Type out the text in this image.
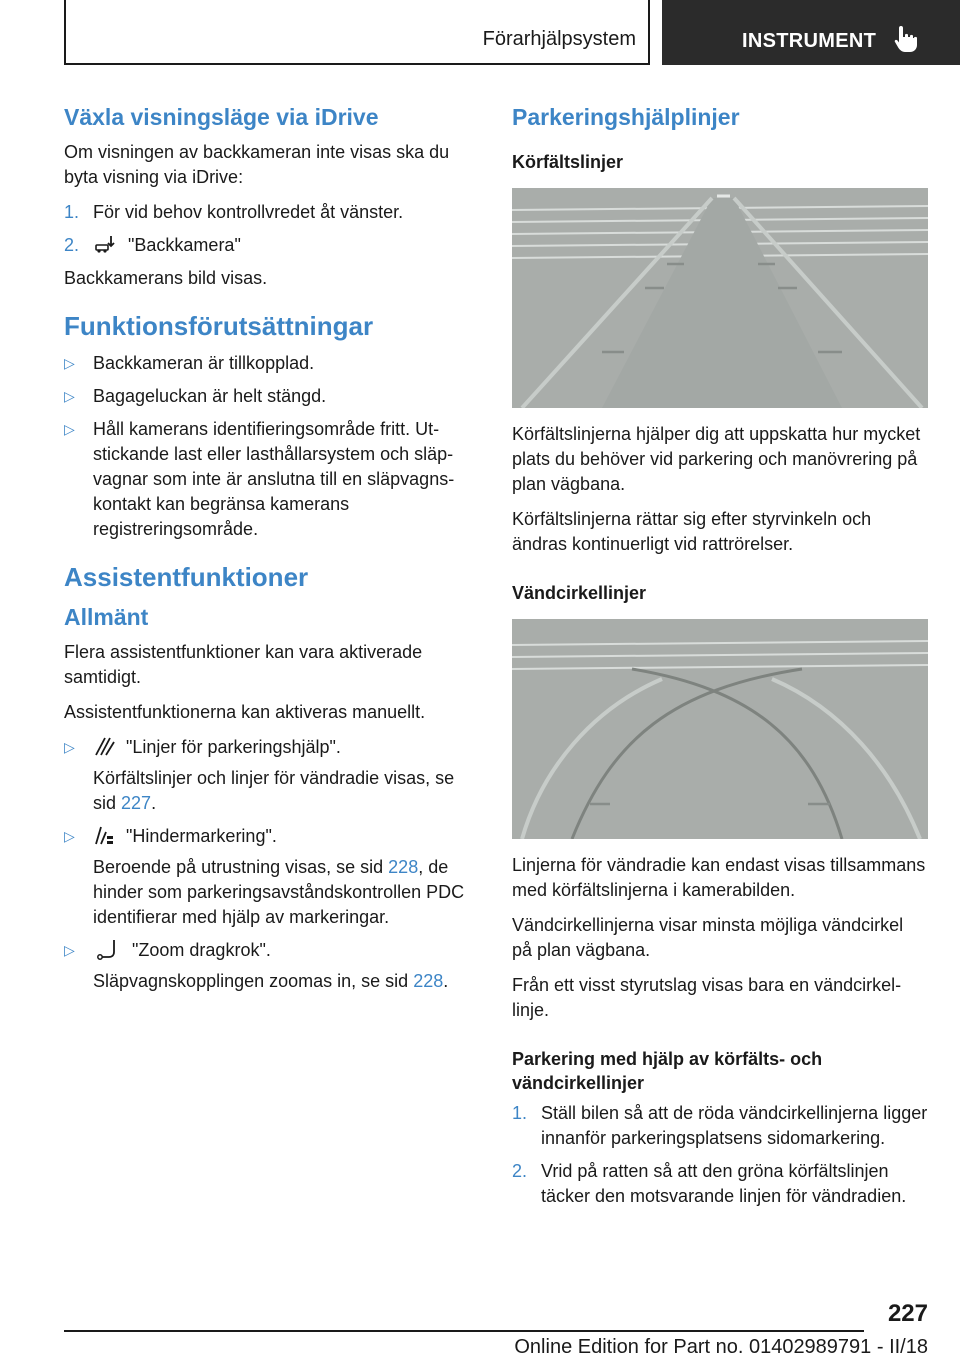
Förarhjälpsystem	INSTRUMENT
Växla visningsläge via iDrive

Om visningen av backkameran inte visas ska du byta visning via iDrive:

1. För vid behov kontrollvredet åt vänster.
2.	"Backkamera"

Backkamerans bild visas.

Funktionsförutsättningar
▷ Backkameran är tillkopplad.
▷ Bagageluckan är helt stängd.
▷ Håll kamerans identifieringsområde fritt. Utstickande last eller lasthållarsystem och släpvagnar som inte är anslutna till en släpvagnskontakt kan begränsa kamerans registreringsområde.
Assistentfunktioner
Allmänt

Flera assistentfunktioner kan vara aktiverade samtidigt.

Assistentfunktionerna kan aktiveras manuellt.

▷	"Linjer för parkeringshjälp".
Körfältslinjer och linjer för vändradie visas, se sid 227.
▷	"Hindermarkering".
Beroende på utrustning visas, se sid 228, de hinder som parkeringsavståndskontrollen PDC identifierar med hjälp av markeringar.
▷	"Zoom dragkrok".
Släpvagnskopplingen zoomas in, se sid 228.
Parkeringshjälplinjer
Körfältslinjer

Körfältslinjerna hjälper dig att uppskatta hur mycket plats du behöver vid parkering och manövrering på plan vägbana.

Körfältslinjerna rättar sig efter styrvinkeln och ändras kontinuerligt vid rattrörelser.

Vändcirkellinjer

Linjerna för vändradie kan endast visas tillsammans med körfältslinjerna i kamerabilden.

Vändcirkellinjerna visar minsta möjliga vändcirkel på plan vägbana.

Från ett visst styrutslag visas bara en vändcirkellinje.

Parkering med hjälp av körfälts- och vändcirkellinjer
1. Ställ bilen så att de röda vändcirkellinjerna ligger innanför parkeringsplatsens sidomarkering.
2. Vrid på ratten så att den gröna körfältslinjen täcker den motsvarande linjen för vändradien.
227
Online Edition for Part no. 01402989791 - II/18
